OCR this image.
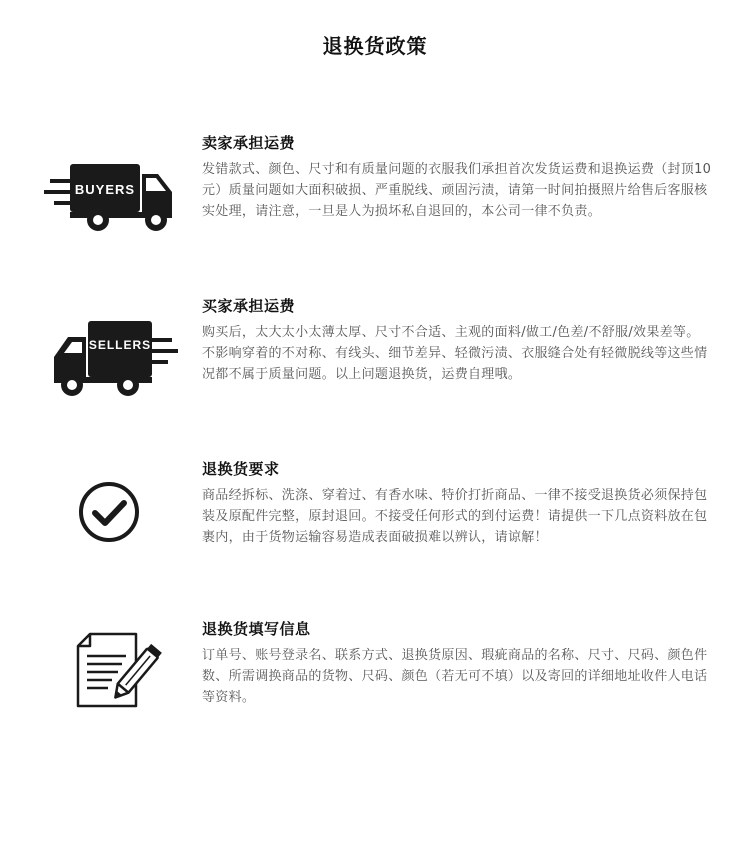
退换货政策
BUYERS
卖家承担运费
发错款式、颜色、尺寸和有质量问题的衣服我们承担首次发货运费和退换运费（封顶10元）质量问题如大面积破损、严重脱线、顽固污渍，请第一时间拍摄照片给售后客服核实处理，请注意，一旦是人为损坏私自退回的，本公司一律不负责。
SELLERS
买家承担运费
购买后，太大太小太薄太厚、尺寸不合适、主观的面料/做工/色差/不舒服/效果差等。不影响穿着的不对称、有线头、细节差异、轻微污渍、衣服缝合处有轻微脱线等这些情况都不属于质量问题。以上问题退换货，运费自理哦。
退换货要求
商品经拆标、洗涤、穿着过、有香水味、特价打折商品、一律不接受退换货必须保持包装及原配件完整，原封退回。不接受任何形式的到付运费！请提供一下几点资料放在包裹内，由于货物运输容易造成表面破损难以辨认，请谅解！
退换货填写信息
订单号、账号登录名、联系方式、退换货原因、瑕疵商品的名称、尺寸、尺码、颜色件数、所需调换商品的货物、尺码、颜色（若无可不填）以及寄回的详细地址收件人电话等资料。
